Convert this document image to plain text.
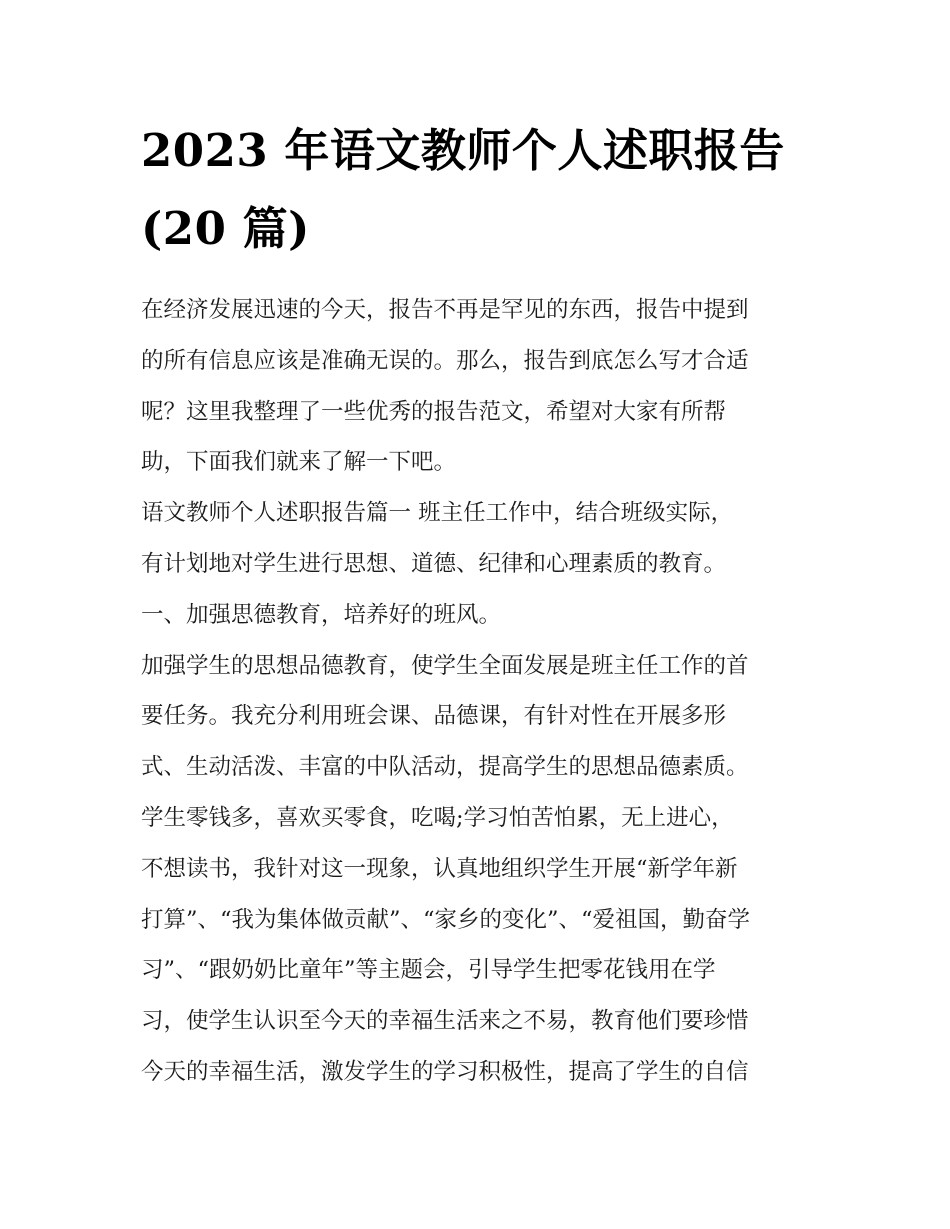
2023 年语文教师个人述职报告
(20 篇)
在经济发展迅速的今天，报告不再是罕见的东西，报告中提到
的所有信息应该是准确无误的。那么，报告到底怎么写才合适
呢？这里我整理了一些优秀的报告范文，希望对大家有所帮
助，下面我们就来了解一下吧。
语文教师个人述职报告篇一 班主任工作中，结合班级实际，
有计划地对学生进行思想、道德、纪律和心理素质的教育。
一、加强思德教育，培养好的班风。
加强学生的思想品德教育，使学生全面发展是班主任工作的首
要任务。我充分利用班会课、品德课，有针对性在开展多形
式、生动活泼、丰富的中队活动，提高学生的思想品德素质。
学生零钱多，喜欢买零食，吃喝;学习怕苦怕累，无上进心，
不想读书，我针对这一现象，认真地组织学生开展“新学年新
打算”、“我为集体做贡献”、“家乡的变化”、“爱祖国，勤奋学
习”、“跟奶奶比童年”等主题会，引导学生把零花钱用在学
习，使学生认识至今天的幸福生活来之不易，教育他们要珍惜
今天的幸福生活，激发学生的学习积极性，提高了学生的自信
